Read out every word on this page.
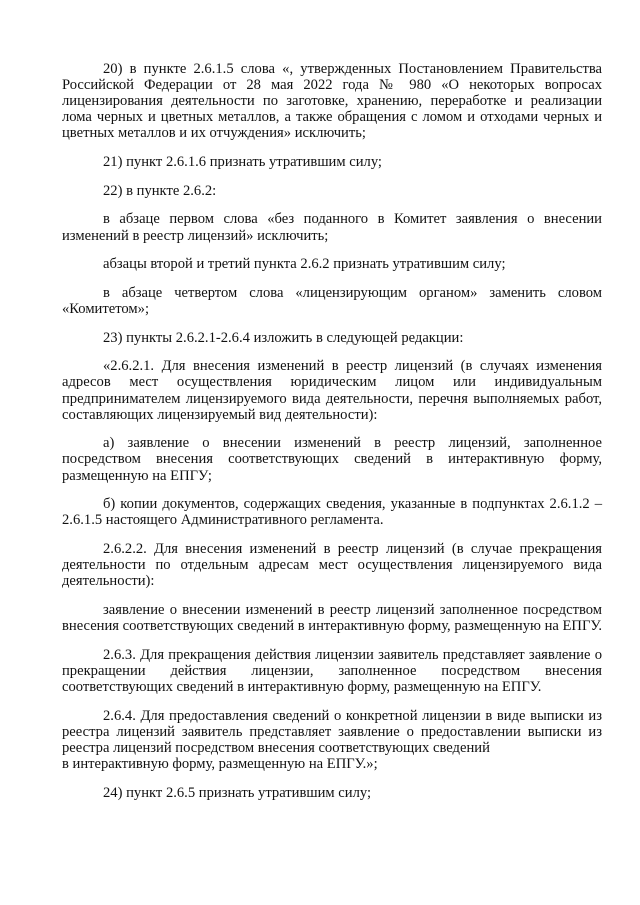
20) в пункте 2.6.1.5 слова «, утвержденных Постановлением Правительства Российской Федерации от 28 мая 2022 года № 980 «О некоторых вопросах лицензирования деятельности по заготовке, хранению, переработке и реализации лома черных и цветных металлов, а также обращения с ломом и отходами черных и цветных металлов и их отчуждения» исключить;

21) пункт 2.6.1.6 признать утратившим силу;

22) в пункте 2.6.2:

в абзаце первом слова «без поданного в Комитет заявления о внесении изменений в реестр лицензий» исключить;

абзацы второй и третий пункта 2.6.2 признать утратившим силу;

в абзаце четвертом слова «лицензирующим органом» заменить словом «Комитетом»;

23) пункты 2.6.2.1-2.6.4 изложить в следующей редакции:

«2.6.2.1. Для внесения изменений в реестр лицензий (в случаях изменения адресов мест осуществления юридическим лицом или индивидуальным предпринимателем лицензируемого вида деятельности, перечня выполняемых работ, составляющих лицензируемый вид деятельности):

а) заявление о внесении изменений в реестр лицензий, заполненное посредством внесения соответствующих сведений в интерактивную форму, размещенную на ЕПГУ;

б) копии документов, содержащих сведения, указанные в подпунктах 2.6.1.2 – 2.6.1.5 настоящего Административного регламента.

2.6.2.2. Для внесения изменений в реестр лицензий (в случае прекращения деятельности по отдельным адресам мест осуществления лицензируемого вида деятельности):

заявление о внесении изменений в реестр лицензий заполненное посредством внесения соответствующих сведений в интерактивную форму, размещенную на ЕПГУ.

2.6.3. Для прекращения действия лицензии заявитель представляет заявление о прекращении действия лицензии, заполненное посредством внесения соответствующих сведений в интерактивную форму, размещенную на ЕПГУ.

2.6.4. Для предоставления сведений о конкретной лицензии в виде выписки из реестра лицензий заявитель представляет заявление о предоставлении выписки из реестра лицензий посредством внесения соответствующих сведений
в интерактивную форму, размещенную на ЕПГУ.»;

24) пункт 2.6.5 признать утратившим силу;
